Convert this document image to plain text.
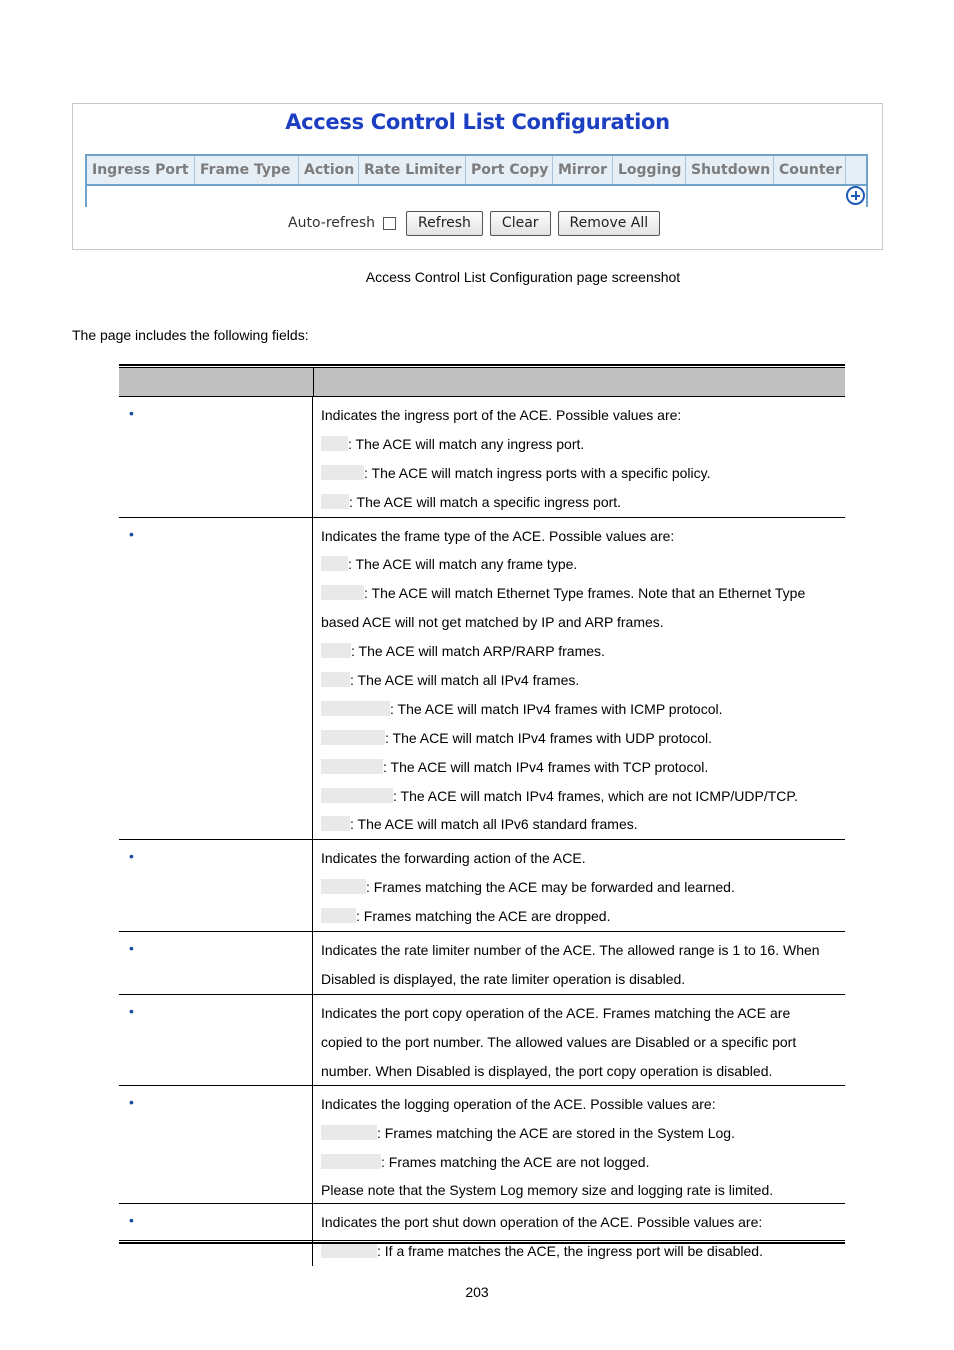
Access Control List Configuration
Ingress Port Frame Type Action Rate Limiter Port Copy Mirror Logging Shutdown Counter
Auto-refresh	Refresh	Clear	Remove All
Access Control List Configuration page screenshot
The page includes the following fields:
•	Indicates the ingress port of the ACE. Possible values are:
: The ACE will match any ingress port.
: The ACE will match ingress ports with a specific policy.
: The ACE will match a specific ingress port.
•	Indicates the frame type of the ACE. Possible values are:
: The ACE will match any frame type.
: The ACE will match Ethernet Type frames. Note that an Ethernet Type
based ACE will not get matched by IP and ARP frames.
: The ACE will match ARP/RARP frames.
: The ACE will match all IPv4 frames.
: The ACE will match IPv4 frames with ICMP protocol.
: The ACE will match IPv4 frames with UDP protocol.
: The ACE will match IPv4 frames with TCP protocol.
: The ACE will match IPv4 frames, which are not ICMP/UDP/TCP.
: The ACE will match all IPv6 standard frames.
•	Indicates the forwarding action of the ACE.
: Frames matching the ACE may be forwarded and learned.
: Frames matching the ACE are dropped.
•	Indicates the rate limiter number of the ACE. The allowed range is 1 to 16. When
Disabled is displayed, the rate limiter operation is disabled.
•	Indicates the port copy operation of the ACE. Frames matching the ACE are
copied to the port number. The allowed values are Disabled or a specific port
number. When Disabled is displayed, the port copy operation is disabled.
•	Indicates the logging operation of the ACE. Possible values are:
: Frames matching the ACE are stored in the System Log.
: Frames matching the ACE are not logged.
Please note that the System Log memory size and logging rate is limited.
•	Indicates the port shut down operation of the ACE. Possible values are:
: If a frame matches the ACE, the ingress port will be disabled.
203
